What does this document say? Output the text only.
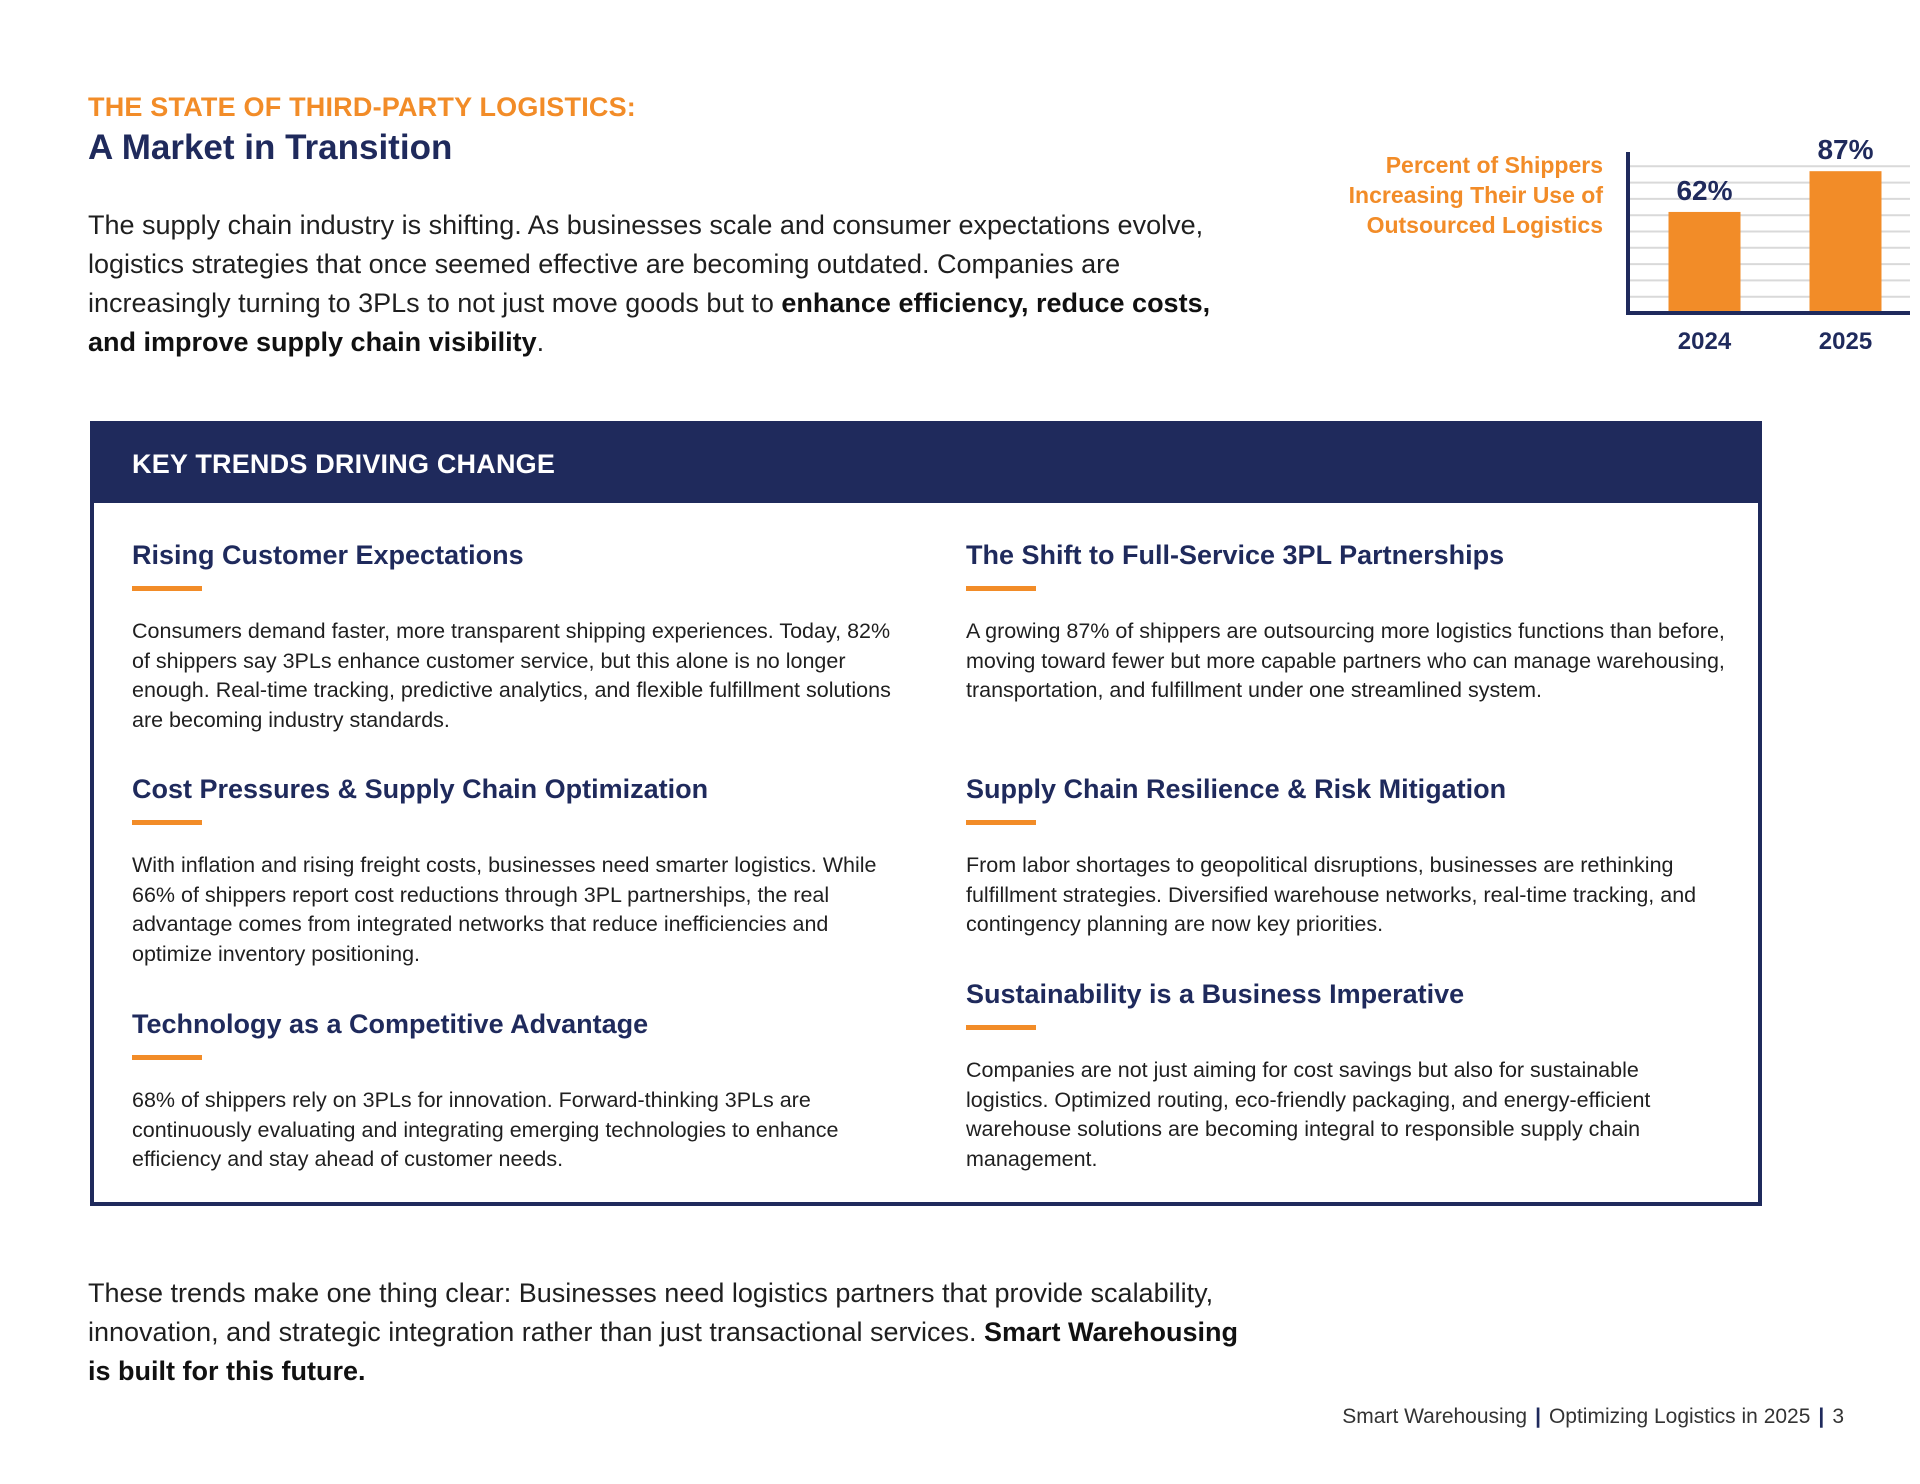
THE STATE OF THIRD-PARTY LOGISTICS:
A Market in Transition

The supply chain industry is shifting. As businesses scale and consumer expectations evolve, logistics strategies that once seemed effective are becoming outdated. Companies are increasingly turning to 3PLs to not just move goods but to enhance efficiency, reduce costs, and improve supply chain visibility.

Percent of Shippers Increasing Their Use of Outsourced Logistics
62%
2024
87%
2025
KEY TRENDS DRIVING CHANGE
Rising Customer Expectations

Consumers demand faster, more transparent shipping experiences. Today, 82% of shippers say 3PLs enhance customer service, but this alone is no longer enough. Real-time tracking, predictive analytics, and flexible fulfillment solutions are becoming industry standards.

The Shift to Full-Service 3PL Partnerships

A growing 87% of shippers are outsourcing more logistics functions than before, moving toward fewer but more capable partners who can manage warehousing, transportation, and fulfillment under one streamlined system.

Cost Pressures & Supply Chain Optimization

With inflation and rising freight costs, businesses need smarter logistics. While 66% of shippers report cost reductions through 3PL partnerships, the real advantage comes from integrated networks that reduce inefficiencies and optimize inventory positioning.

Supply Chain Resilience & Risk Mitigation

From labor shortages to geopolitical disruptions, businesses are rethinking fulfillment strategies. Diversified warehouse networks, real-time tracking, and contingency planning are now key priorities.

Technology as a Competitive Advantage

68% of shippers rely on 3PLs for innovation. Forward-thinking 3PLs are continuously evaluating and integrating emerging technologies to enhance efficiency and stay ahead of customer needs.

Sustainability is a Business Imperative

Companies are not just aiming for cost savings but also for sustainable logistics. Optimized routing, eco-friendly packaging, and energy-efficient warehouse solutions are becoming integral to responsible supply chain management.

These trends make one thing clear: Businesses need logistics partners that provide scalability, innovation, and strategic integration rather than just transactional services. Smart Warehousing is built for this future.

Smart Warehousing | Optimizing Logistics in 2025 | 3
